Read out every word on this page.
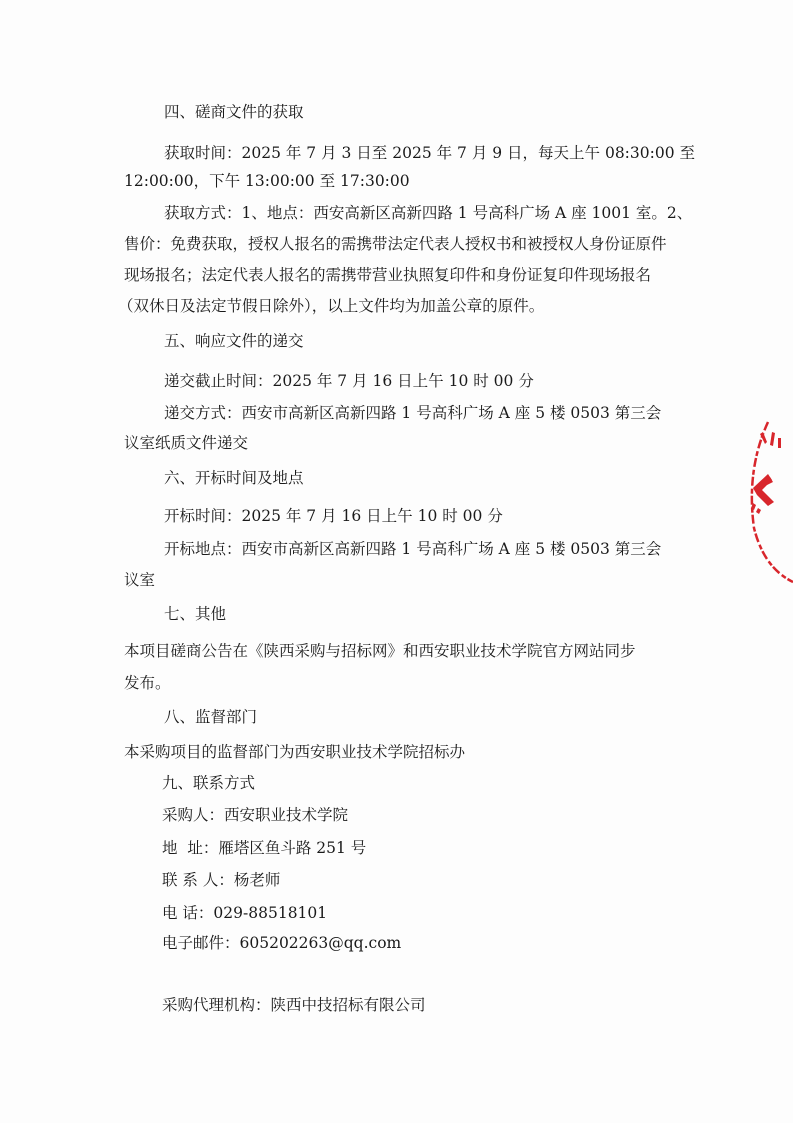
四、磋商文件的获取

获取时间：2025 年 7 月 3 日至 2025 年 7 月 9 日，每天上午 08:30:00 至

12:00:00，下午 13:00:00 至 17:30:00

获取方式：1、地点：西安高新区高新四路 1 号高科广场 A 座 1001 室。2、

售价：免费获取，授权人报名的需携带法定代表人授权书和被授权人身份证原件

现场报名；法定代表人报名的需携带营业执照复印件和身份证复印件现场报名

（双休日及法定节假日除外），以上文件均为加盖公章的原件。

五、响应文件的递交

递交截止时间：2025 年 7 月 16 日上午 10 时 00 分

递交方式：西安市高新区高新四路 1 号高科广场 A 座 5 楼 0503 第三会

议室纸质文件递交

六、开标时间及地点

开标时间：2025 年 7 月 16 日上午 10 时 00 分

开标地点：西安市高新区高新四路 1 号高科广场 A 座 5 楼 0503 第三会

议室

七、其他

本项目磋商公告在《陕西采购与招标网》和西安职业技术学院官方网站同步

发布。

八、监督部门

本采购项目的监督部门为西安职业技术学院招标办

九、联系方式

采购人：西安职业技术学院

地  址：雁塔区鱼斗路 251 号

联 系 人：杨老师

电 话：029-88518101

电子邮件：605202263@qq.com

采购代理机构：陕西中技招标有限公司
